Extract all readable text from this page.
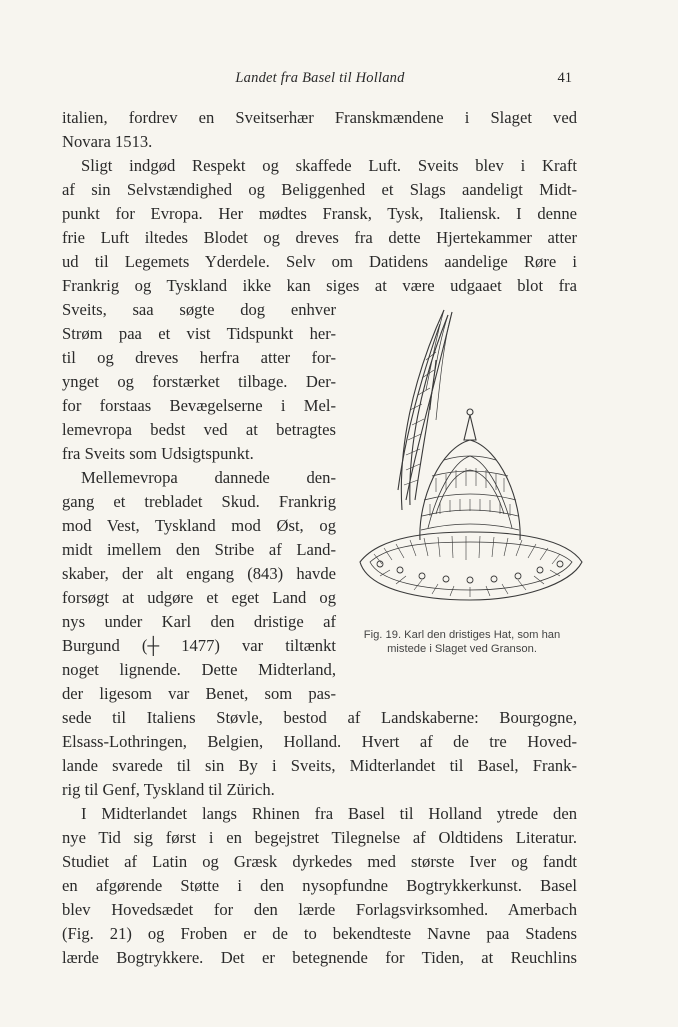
Landet fra Basel til Holland	41
italien, fordrev en Sveitserhær Franskmændene i Slaget ved
Novara 1513.
Sligt indgød Respekt og skaffede Luft. Sveits blev i Kraft
af sin Selvstændighed og Beliggenhed et Slags aandeligt Midt-
punkt for Evropa. Her mødtes Fransk, Tysk, Italiensk. I denne
frie Luft iltedes Blodet og dreves fra dette Hjertekammer atter
ud til Legemets Yderdele. Selv om Datidens aandelige Røre i
Frankrig og Tyskland ikke kan siges at være udgaaet blot fra
Sveits, saa søgte dog enhver
Strøm paa et vist Tidspunkt her-
til og dreves herfra atter for-
ynget og forstærket tilbage. Der-
for forstaas Bevægelserne i Mel-
lemevropa bedst ved at betragtes
fra Sveits som Udsigtspunkt.
Mellemevropa dannede den-
gang et trebladet Skud. Frankrig
mod Vest, Tyskland mod Øst, og
midt imellem den Stribe af Land-
skaber, der alt engang (843) havde
forsøgt at udgøre et eget Land og
nys under Karl den dristige af
Burgund (┼ 1477) var tiltænkt
noget lignende. Dette Midterland,
der ligesom var Benet, som pas-
sede til Italiens Støvle, bestod af Landskaberne: Bourgogne,
Elsass-Lothringen, Belgien, Holland. Hvert af de tre Hoved-
lande svarede til sin By i Sveits, Midterlandet til Basel, Frank-
rig til Genf, Tyskland til Zürich.
I Midterlandet langs Rhinen fra Basel til Holland ytrede den
nye Tid sig først i en begejstret Tilegnelse af Oldtidens Literatur.
Studiet af Latin og Græsk dyrkedes med største Iver og fandt
en afgørende Støtte i den nysopfundne Bogtrykkerkunst. Basel
blev Hovedsædet for den lærde Forlagsvirksomhed. Amerbach
(Fig. 21) og Froben er de to bekendteste Navne paa Stadens
lærde Bogtrykkere. Det er betegnende for Tiden, at Reuchlins
Fig. 19. Karl den dristiges Hat, som han mistede i Slaget ved Granson.
